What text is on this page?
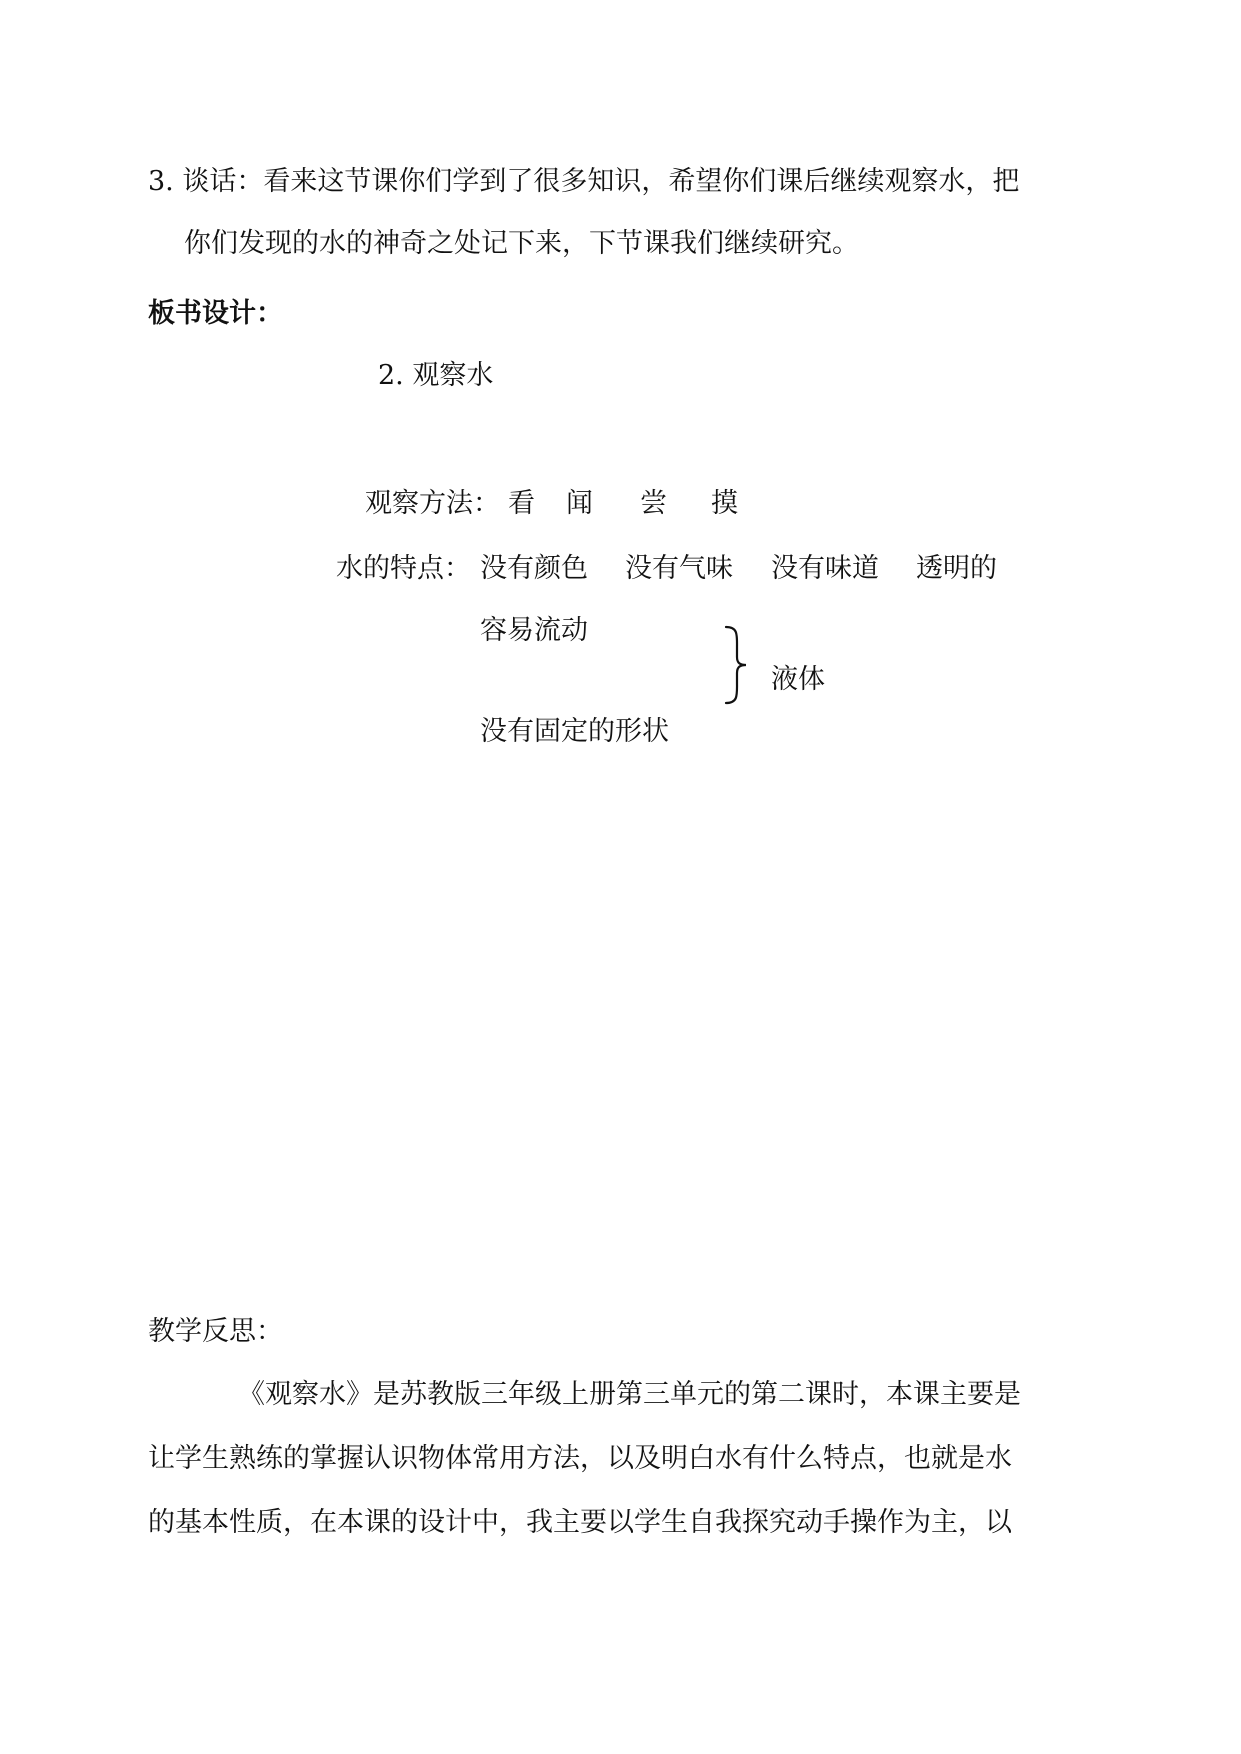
3. 谈话：看来这节课你们学到了很多知识，希望你们课后继续观察水，把
你们发现的水的神奇之处记下来，下节课我们继续研究。
板书设计：
2. 观察水
观察方法： 看 闻 尝 摸
水的特点： 没有颜色 没有气味 没有味道 透明的
容易流动
液体
没有固定的形状
教学反思：
《观察水》是苏教版三年级上册第三单元的第二课时，本课主要是
让学生熟练的掌握认识物体常用方法，以及明白水有什么特点，也就是水
的基本性质，在本课的设计中，我主要以学生自我探究动手操作为主，以
